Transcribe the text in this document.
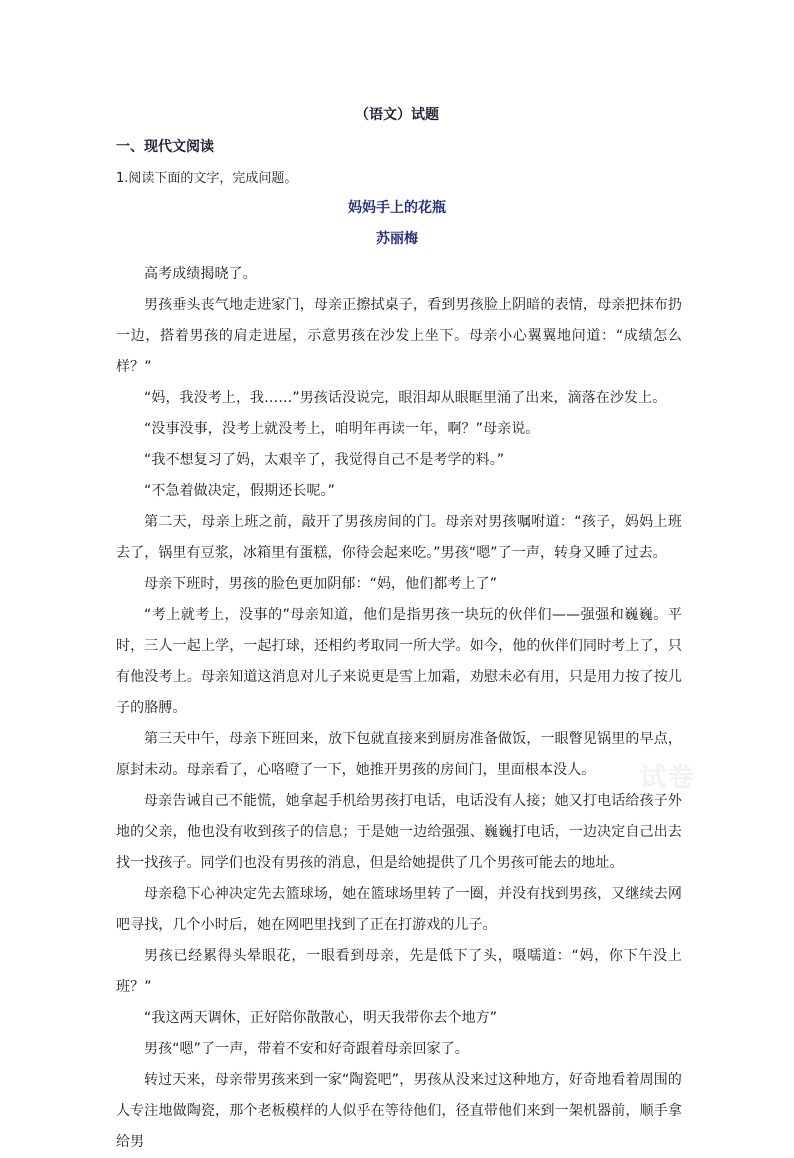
（语文）试题
一、现代文阅读
1.阅读下面的文字，完成问题。
妈妈手上的花瓶
苏丽梅
试卷

高考成绩揭晓了。

男孩垂头丧气地走进家门，母亲正擦拭桌子，看到男孩脸上阴暗的表情，母亲把抹布扔一边，搭着男孩的肩走进屋，示意男孩在沙发上坐下。母亲小心翼翼地问道：“成绩怎么样？”

“妈，我没考上，我……”男孩话没说完，眼泪却从眼眶里涌了出来，滴落在沙发上。

“没事没事，没考上就没考上，咱明年再读一年，啊？”母亲说。

“我不想复习了妈，太艰辛了，我觉得自己不是考学的料。”

“不急着做决定，假期还长呢。”

第二天，母亲上班之前，敲开了男孩房间的门。母亲对男孩嘱咐道：“孩子，妈妈上班去了，锅里有豆浆，冰箱里有蛋糕，你待会起来吃。”男孩“嗯”了一声，转身又睡了过去。

母亲下班时，男孩的脸色更加阴郁：“妈，他们都考上了”

“考上就考上，没事的”母亲知道，他们是指男孩一块玩的伙伴们——强强和巍巍。平时，三人一起上学，一起打球，还相约考取同一所大学。如今，他的伙伴们同时考上了，只有他没考上。母亲知道这消息对儿子来说更是雪上加霜，劝慰未必有用，只是用力按了按儿子的胳膊。

第三天中午，母亲下班回来，放下包就直接来到厨房准备做饭，一眼瞥见锅里的早点，原封未动。母亲看了，心咯噔了一下，她推开男孩的房间门，里面根本没人。

母亲告诫自己不能慌，她拿起手机给男孩打电话，电话没有人接；她又打电话给孩子外地的父亲，他也没有收到孩子的信息；于是她一边给强强、巍巍打电话，一边决定自己出去找一找孩子。同学们也没有男孩的消息，但是给她提供了几个男孩可能去的地址。

母亲稳下心神决定先去篮球场，她在篮球场里转了一圈，并没有找到男孩，又继续去网吧寻找，几个小时后，她在网吧里找到了正在打游戏的儿子。

男孩已经累得头晕眼花，一眼看到母亲，先是低下了头，嗫嚅道：“妈，你下午没上班？”

“我这两天调休，正好陪你散散心，明天我带你去个地方”

男孩“嗯”了一声，带着不安和好奇跟着母亲回家了。

转过天来，母亲带男孩来到一家“陶瓷吧”，男孩从没来过这种地方，好奇地看着周围的人专注地做陶瓷，那个老板模样的人似乎在等待他们，径直带他们来到一架机器前，顺手拿给男
